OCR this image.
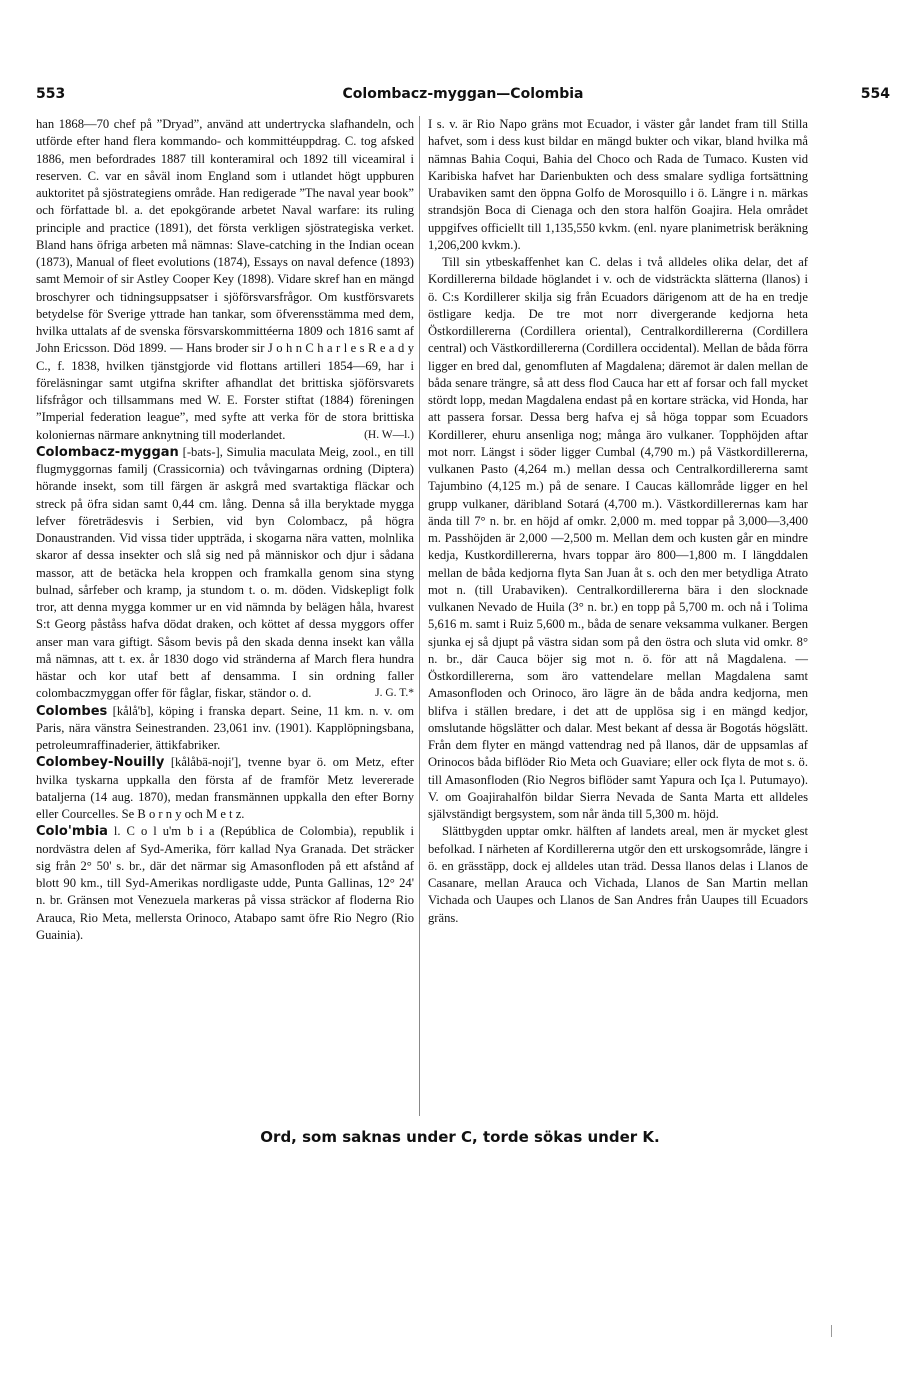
553	Colombacz-myggan—Colombia	554

han 1868—70 chef på ”Dryad”, använd att undertrycka slafhandeln, och utförde efter hand flera kommando- och kommittéuppdrag. C. tog afsked 1886, men befordrades 1887 till konteramiral och 1892 till viceamiral i reserven. C. var en såväl inom England som i utlandet högt uppburen auktoritet på sjöstrategiens område. Han redigerade ”The naval year book” och författade bl. a. det epokgörande arbetet Naval warfare: its ruling principle and practice (1891), det första verkligen sjöstrategiska verket. Bland hans öfriga arbeten må nämnas: Slave-catching in the Indian ocean (1873), Manual of fleet evolutions (1874), Essays on naval defence (1893) samt Memoir of sir Astley Cooper Key (1898). Vidare skref han en mängd broschyrer och tidningsuppsatser i sjöförsvarsfrågor. Om kustförsvarets betydelse för Sverige yttrade han tankar, som öfverensstämma med dem, hvilka uttalats af de svenska försvarskommittéerna 1809 och 1816 samt af John Ericsson. Död 1899. — Hans broder sir J o h n C h a r l e s R e a d y C., f. 1838, hvilken tjänstgjorde vid flottans artilleri 1854—69, har i föreläsningar samt utgifna skrifter afhandlat det brittiska sjöförsvarets lifsfrågor och tillsammans med W. E. Forster stiftat (1884) föreningen ”Imperial federation league”, med syfte att verka för de stora brittiska koloniernas närmare anknytning till moderlandet.	(H. W—l.)

Colombacz-myggan [-bats-], Simulia maculata Meig, zool., en till flugmyggornas familj (Crassicornia) och tvåvingarnas ordning (Diptera) hörande insekt, som till färgen är askgrå med svartaktiga fläckar och streck på öfra sidan samt 0,44 cm. lång. Denna så illa beryktade mygga lefver företrädesvis i Serbien, vid byn Colombacz, på högra Donaustranden. Vid vissa tider uppträda, i skogarna nära vatten, molnlika skaror af dessa insekter och slå sig ned på människor och djur i sådana massor, att de betäcka hela kroppen och framkalla genom sina styng bulnad, sårfeber och kramp, ja stundom t. o. m. döden. Vidskepligt folk tror, att denna mygga kommer ur en vid nämnda by belägen håla, hvarest S:t Georg påståss hafva dödat draken, och köttet af dessa myggors offer anser man vara giftigt. Såsom bevis på den skada denna insekt kan vålla må nämnas, att t. ex. år 1830 dogo vid stränderna af March flera hundra hästar och kor utaf bett af densamma. I sin ordning faller colombaczmyggan offer för fåglar, fiskar, ständor o. d.	J. G. T.*

Colombes [kålå'b], köping i franska depart. Seine, 11 km. n. v. om Paris, nära vänstra Seinestranden. 23,061 inv. (1901). Kapplöpningsbana, petroleumraffinaderier, ättikfabriker.

Colombey-Nouilly [kålåbä-noji'], tvenne byar ö. om Metz, efter hvilka tyskarna uppkalla den första af de framför Metz levererade bataljerna (14 aug. 1870), medan fransmännen uppkalla den efter Borny eller Courcelles. Se B o r n y och M e t z.

Colo'mbia l. C o l u'm b i a (República de Colombia), republik i nordvästra delen af Syd-Amerika, förr kallad Nya Granada. Det sträcker sig från 2° 50' s. br., där det närmar sig Amasonfloden på ett afstånd af blott 90 km., till Syd-Amerikas nordligaste udde, Punta Gallinas, 12° 24' n. br. Gränsen mot Venezuela markeras på vissa sträckor af floderna Rio Arauca, Rio Meta, mellersta Orinoco, Atabapo samt öfre Rio Negro (Rio Guainia).

I s. v. är Rio Napo gräns mot Ecuador, i väster går landet fram till Stilla hafvet, som i dess kust bildar en mängd bukter och vikar, bland hvilka må nämnas Bahia Coqui, Bahia del Choco och Rada de Tumaco. Kusten vid Karibiska hafvet har Darienbukten och dess smalare sydliga fortsättning Urabaviken samt den öppna Golfo de Morosquillo i ö. Längre i n. märkas strandsjön Boca di Cienaga och den stora halfön Goajira. Hela området uppgifves officiellt till 1,135,550 kvkm. (enl. nyare planimetrisk beräkning 1,206,200 kvkm.).

Till sin ytbeskaffenhet kan C. delas i två alldeles olika delar, det af Kordillererna bildade höglandet i v. och de vidsträckta slätterna (llanos) i ö. C:s Kordillerer skilja sig från Ecuadors därigenom att de ha en tredje östligare kedja. De tre mot norr divergerande kedjorna heta Östkordillererna (Cordillera oriental), Centralkordillererna (Cordillera central) och Västkordillererna (Cordillera occidental). Mellan de båda förra ligger en bred dal, genomfluten af Magdalena; däremot är dalen mellan de båda senare trängre, så att dess flod Cauca har ett af forsar och fall mycket stördt lopp, medan Magdalena endast på en kortare sträcka, vid Honda, har att passera forsar. Dessa berg hafva ej så höga toppar som Ecuadors Kordillerer, ehuru ansenliga nog; många äro vulkaner. Topphöjden aftar mot norr. Längst i söder ligger Cumbal (4,790 m.) på Västkordillererna, vulkanen Pasto (4,264 m.) mellan dessa och Centralkordillererna samt Tajumbino (4,125 m.) på de senare. I Caucas källområde ligger en hel grupp vulkaner, däribland Sotará (4,700 m.). Västkordillerernas kam har ända till 7° n. br. en höjd af omkr. 2,000 m. med toppar på 3,000—3,400 m. Passhöjden är 2,000 —2,500 m. Mellan dem och kusten går en mindre kedja, Kustkordillererna, hvars toppar äro 800—1,800 m. I längddalen mellan de båda kedjorna flyta San Juan åt s. och den mer betydliga Atrato mot n. (till Urabaviken). Centralkordillererna bära i den slocknade vulkanen Nevado de Huila (3° n. br.) en topp på 5,700 m. och nå i Tolima 5,616 m. samt i Ruiz 5,600 m., båda de senare veksamma vulkaner. Bergen sjunka ej så djupt på västra sidan som på den östra och sluta vid omkr. 8° n. br., där Cauca böjer sig mot n. ö. för att nå Magdalena. — Östkordillererna, som äro vattendelare mellan Magdalena samt Amasonfloden och Orinoco, äro lägre än de båda andra kedjorna, men blifva i ställen bredare, i det att de upplösa sig i en mängd kedjor, omslutande högslätter och dalar. Mest bekant af dessa är Bogotás högslätt. Från dem flyter en mängd vattendrag ned på llanos, där de uppsamlas af Orinocos båda biflöder Rio Meta och Guaviare; eller ock flyta de mot s. ö. till Amasonfloden (Rio Negros biflöder samt Yapura och Iça l. Putumayo). V. om Goajirahalfön bildar Sierra Nevada de Santa Marta ett alldeles självständigt bergsystem, som når ända till 5,300 m. höjd.

Slättbygden upptar omkr. hälften af landets areal, men är mycket glest befolkad. I närheten af Kordillererna utgör den ett urskogsområde, längre i ö. en grässtäpp, dock ej alldeles utan träd. Dessa llanos delas i Llanos de Casanare, mellan Arauca och Vichada, Llanos de San Martin mellan Vichada och Uaupes och Llanos de San Andres från Uaupes till Ecuadors gräns.

Ord, som saknas under C, torde sökas under K.
